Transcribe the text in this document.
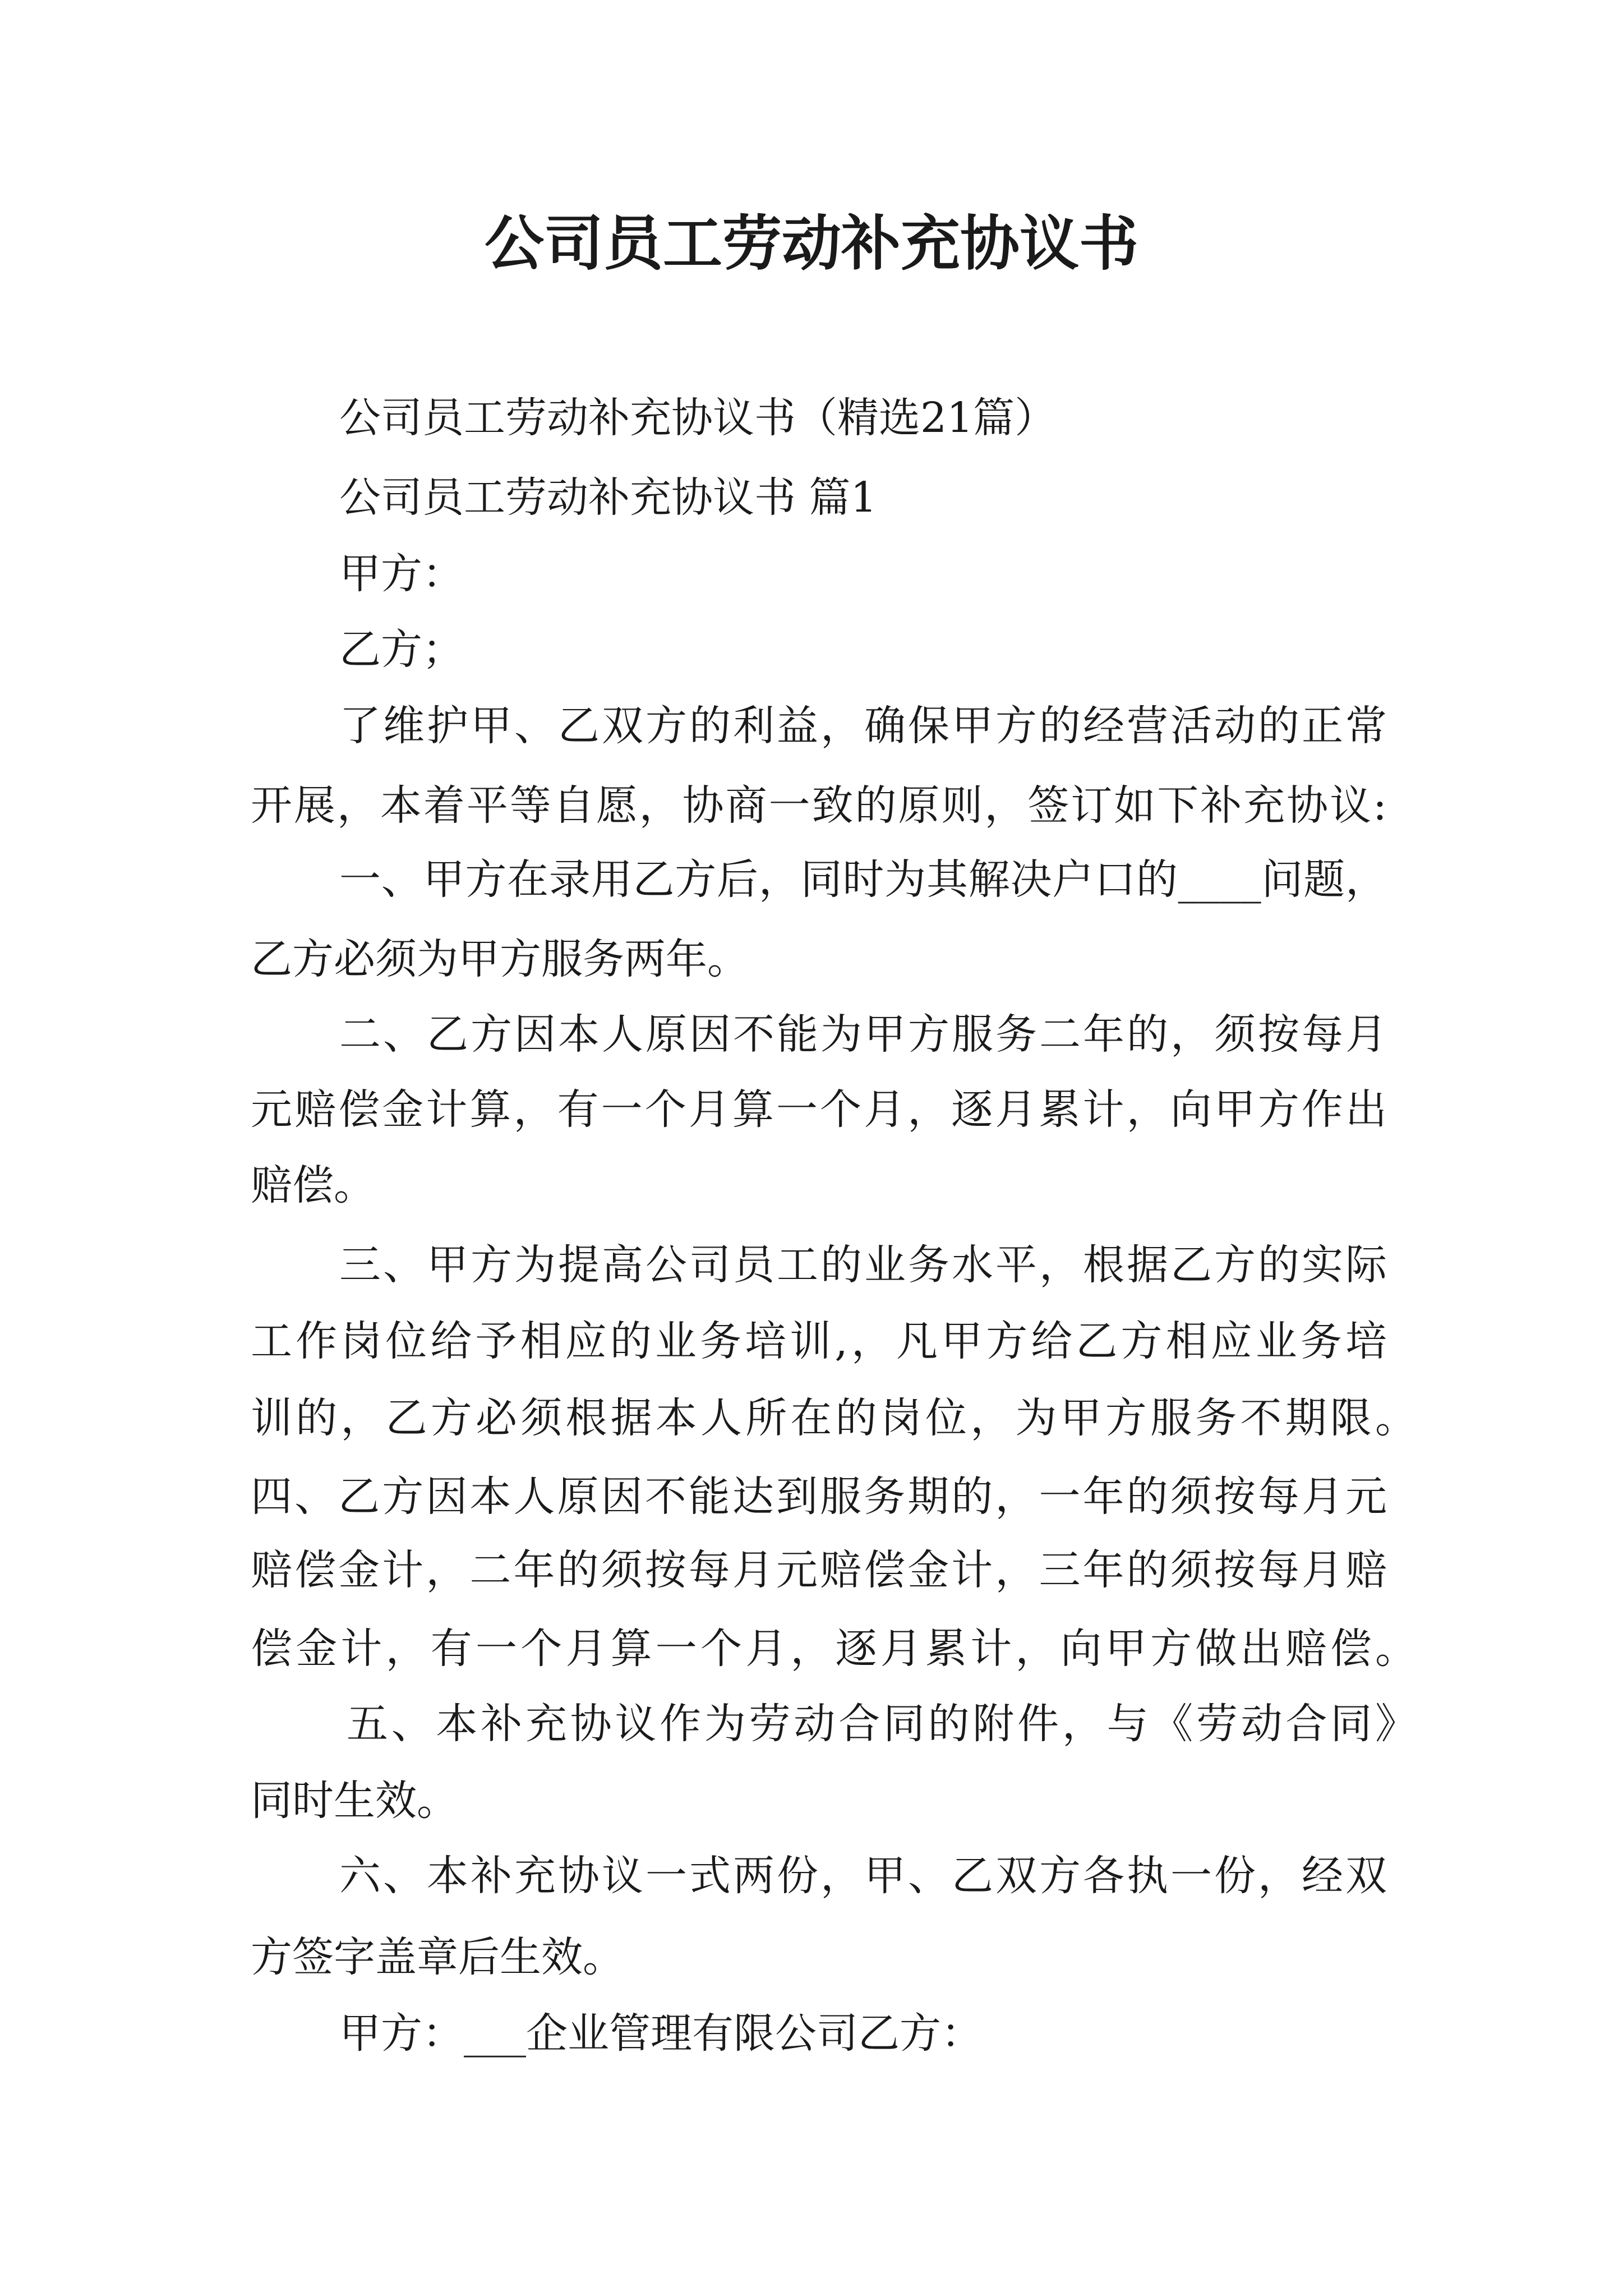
公司员工劳动补充协议书
公司员工劳动补充协议书（精选21篇）
公司员工劳动补充协议书 篇1
甲方：
乙方；
了维护甲、乙双方的利益，确保甲方的经营活动的正常
开展，本着平等自愿，协商一致的原则，签订如下补充协议:
一、甲方在录用乙方后，同时为其解决户口的____问题，
乙方必须为甲方服务两年。
二、乙方因本人原因不能为甲方服务二年的，须按每月
元赔偿金计算，有一个月算一个月，逐月累计，向甲方作出
赔偿。
三、甲方为提高公司员工的业务水平，根据乙方的实际
工作岗位给予相应的业务培训,，凡甲方给乙方相应业务培
训的，乙方必须根据本人所在的岗位，为甲方服务不期限。
四、乙方因本人原因不能达到服务期的，一年的须按每月元
赔偿金计，二年的须按每月元赔偿金计，三年的须按每月赔
偿金计，有一个月算一个月，逐月累计，向甲方做出赔偿。
五、本补充协议作为劳动合同的附件，与《劳动合同》
同时生效。
六、本补充协议一式两份，甲、乙双方各执一份，经双
方签字盖章后生效。
甲方：___企业管理有限公司乙方：
